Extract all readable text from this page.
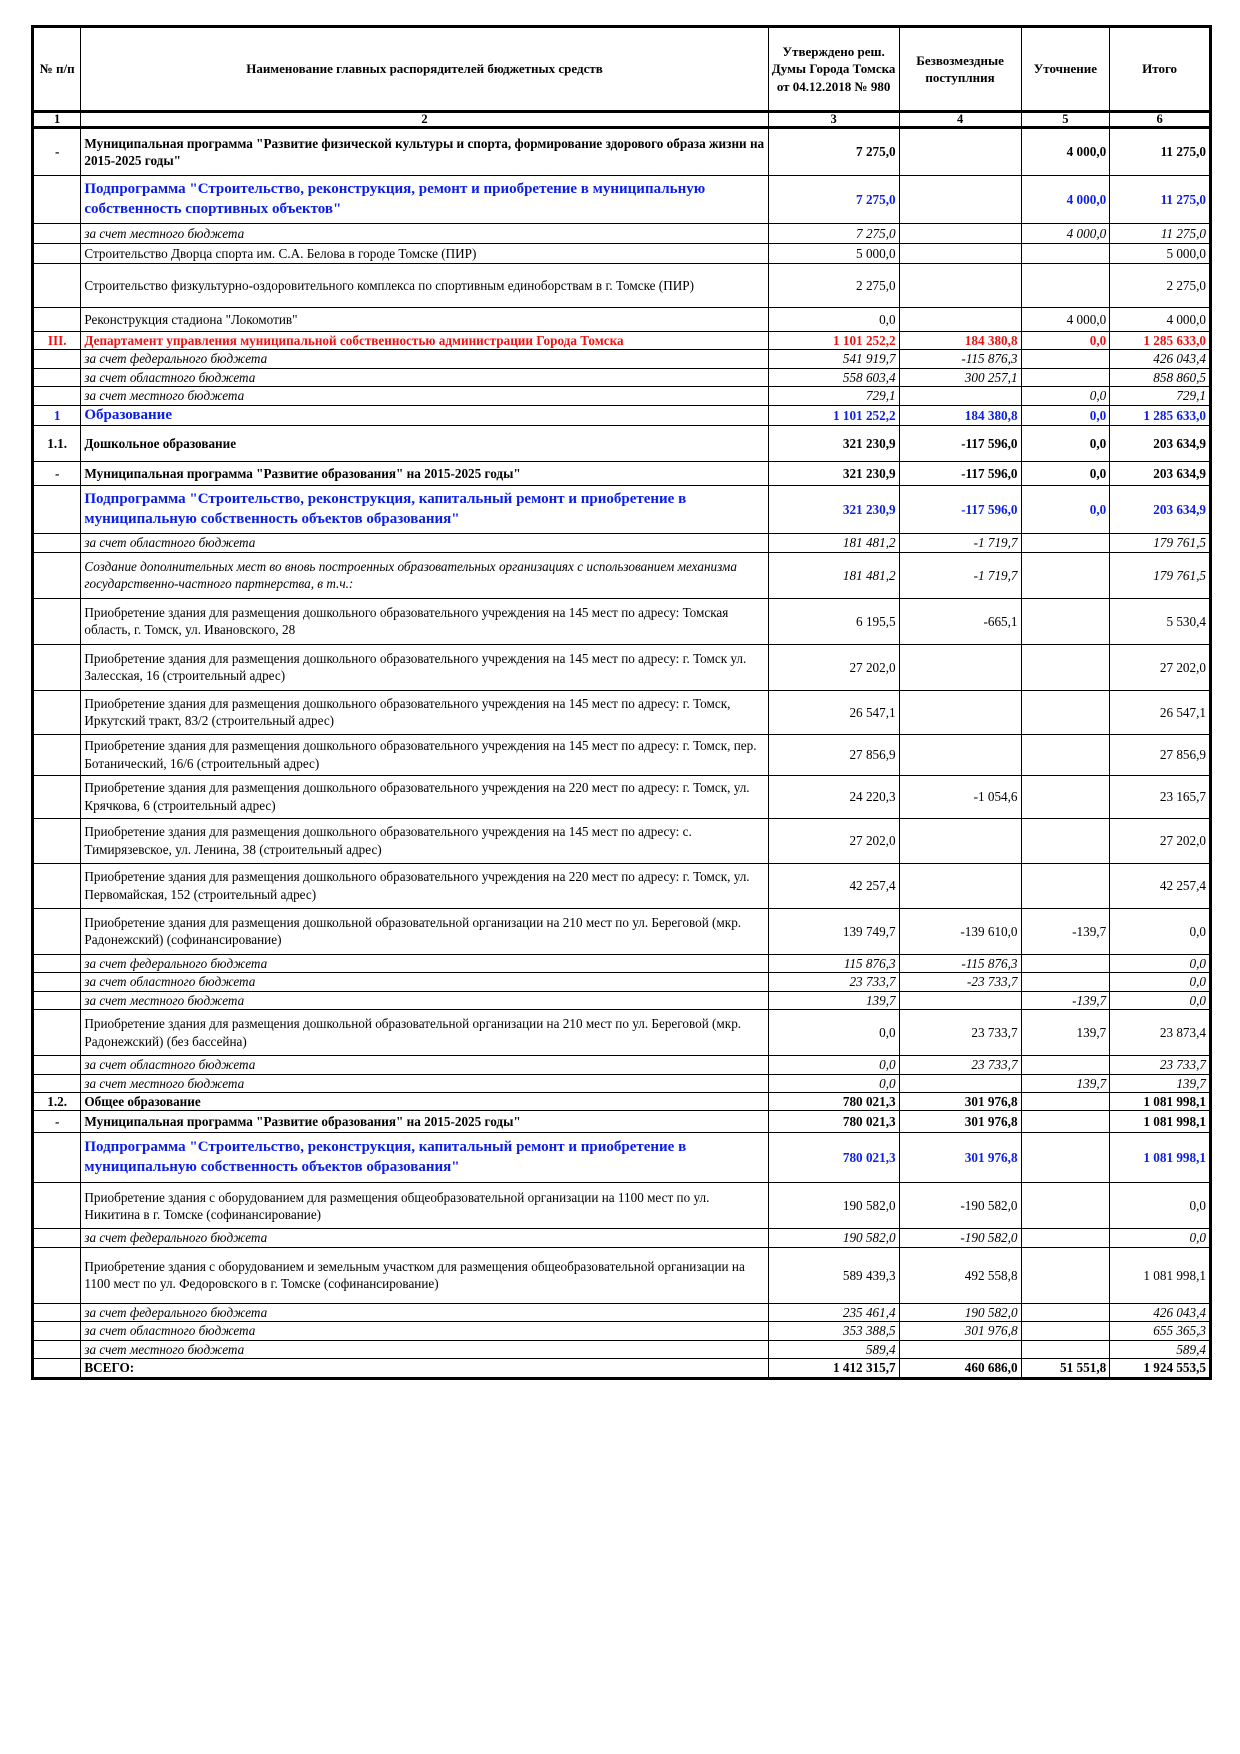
№ п/п	Наименование главных распорядителей бюджетных средств	Утверждено реш. Думы Города Томска от 04.12.2018 № 980	Безвозмездные поступлния	Уточнение	Итого
1	2	3	4	5	6
-	Муниципальная программа "Развитие физической культуры и спорта, формирование здорового образа жизни на 2015-2025 годы"	7 275,0		4 000,0	11 275,0
	Подпрограмма "Строительство, реконструкция, ремонт и приобретение в муниципальную собственность спортивных объектов"	7 275,0		4 000,0	11 275,0
	за счет местного бюджета	7 275,0		4 000,0	11 275,0
	Строительство Дворца спорта им. С.А. Белова в городе Томске (ПИР)	5 000,0			5 000,0
	Строительство физкультурно-оздоровительного комплекса по спортивным единоборствам в г. Томске (ПИР)	2 275,0			2 275,0
	Реконструкция стадиона "Локомотив"	0,0		4 000,0	4 000,0
III.	Департамент управления муниципальной собственностью администрации Города Томска	1 101 252,2	184 380,8	0,0	1 285 633,0
	за счет федерального бюджета	541 919,7	-115 876,3		426 043,4
	за счет областного бюджета	558 603,4	300 257,1		858 860,5
	за счет местного бюджета	729,1		0,0	729,1
1	Образование	1 101 252,2	184 380,8	0,0	1 285 633,0
1.1.	Дошкольное образование	321 230,9	-117 596,0	0,0	203 634,9
-	Муниципальная программа "Развитие образования" на 2015-2025 годы"	321 230,9	-117 596,0	0,0	203 634,9
	Подпрограмма "Строительство, реконструкция, капитальный ремонт и приобретение в муниципальную собственность объектов образования"	321 230,9	-117 596,0	0,0	203 634,9
	за счет областного бюджета	181 481,2	-1 719,7		179 761,5
	Создание дополнительных мест во вновь построенных образовательных организациях с использованием механизма государственно-частного партнерства, в т.ч.:	181 481,2	-1 719,7		179 761,5
	Приобретение здания для размещения дошкольного образовательного учреждения на 145 мест по адресу: Томская область, г. Томск, ул. Ивановского, 28	6 195,5	-665,1		5 530,4
	Приобретение здания для размещения дошкольного образовательного учреждения на 145 мест по адресу: г. Томск ул. Залесская, 16 (строительный адрес)	27 202,0			27 202,0
	Приобретение здания для размещения дошкольного образовательного учреждения на 145 мест по адресу: г. Томск, Иркутский тракт, 83/2 (строительный адрес)	26 547,1			26 547,1
	Приобретение здания для размещения дошкольного образовательного учреждения на 145 мест по адресу: г. Томск, пер. Ботанический, 16/6 (строительный адрес)	27 856,9			27 856,9
	Приобретение здания для размещения дошкольного образовательного учреждения на 220 мест по адресу: г. Томск, ул. Крячкова, 6 (строительный адрес)	24 220,3	-1 054,6		23 165,7
	Приобретение здания для размещения дошкольного образовательного учреждения на 145 мест по адресу: с. Тимирязевское, ул. Ленина, 38 (строительный адрес)	27 202,0			27 202,0
	Приобретение здания для размещения дошкольного образовательного учреждения на 220 мест по адресу: г. Томск, ул. Первомайская, 152 (строительный адрес)	42 257,4			42 257,4
	Приобретение здания для размещения дошкольной образовательной организации на 210 мест по ул. Береговой (мкр. Радонежский) (софинансирование)	139 749,7	-139 610,0	-139,7	0,0
	за счет федерального бюджета	115 876,3	-115 876,3		0,0
	за счет областного бюджета	23 733,7	-23 733,7		0,0
	за счет местного бюджета	139,7		-139,7	0,0
	Приобретение здания для размещения дошкольной образовательной организации на 210 мест по ул. Береговой (мкр. Радонежский) (без бассейна)	0,0	23 733,7	139,7	23 873,4
	за счет областного бюджета	0,0	23 733,7		23 733,7
	за счет местного бюджета	0,0		139,7	139,7
1.2.	Общее образование	780 021,3	301 976,8		1 081 998,1
-	Муниципальная программа "Развитие образования" на 2015-2025 годы"	780 021,3	301 976,8		1 081 998,1
	Подпрограмма "Строительство, реконструкция, капитальный ремонт и приобретение в муниципальную собственность объектов образования"	780 021,3	301 976,8		1 081 998,1
	Приобретение здания с оборудованием для размещения общеобразовательной организации на 1100 мест по ул. Никитина в г. Томске (софинансирование)	190 582,0	-190 582,0		0,0
	за счет федерального бюджета	190 582,0	-190 582,0		0,0
	Приобретение здания с оборудованием и земельным участком для размещения общеобразовательной организации на 1100 мест по ул. Федоровского в г. Томске (софинансирование)	589 439,3	492 558,8		1 081 998,1
	за счет федерального бюджета	235 461,4	190 582,0		426 043,4
	за счет областного бюджета	353 388,5	301 976,8		655 365,3
	за счет местного бюджета	589,4			589,4
	ВСЕГО:	1 412 315,7	460 686,0	51 551,8	1 924 553,5
